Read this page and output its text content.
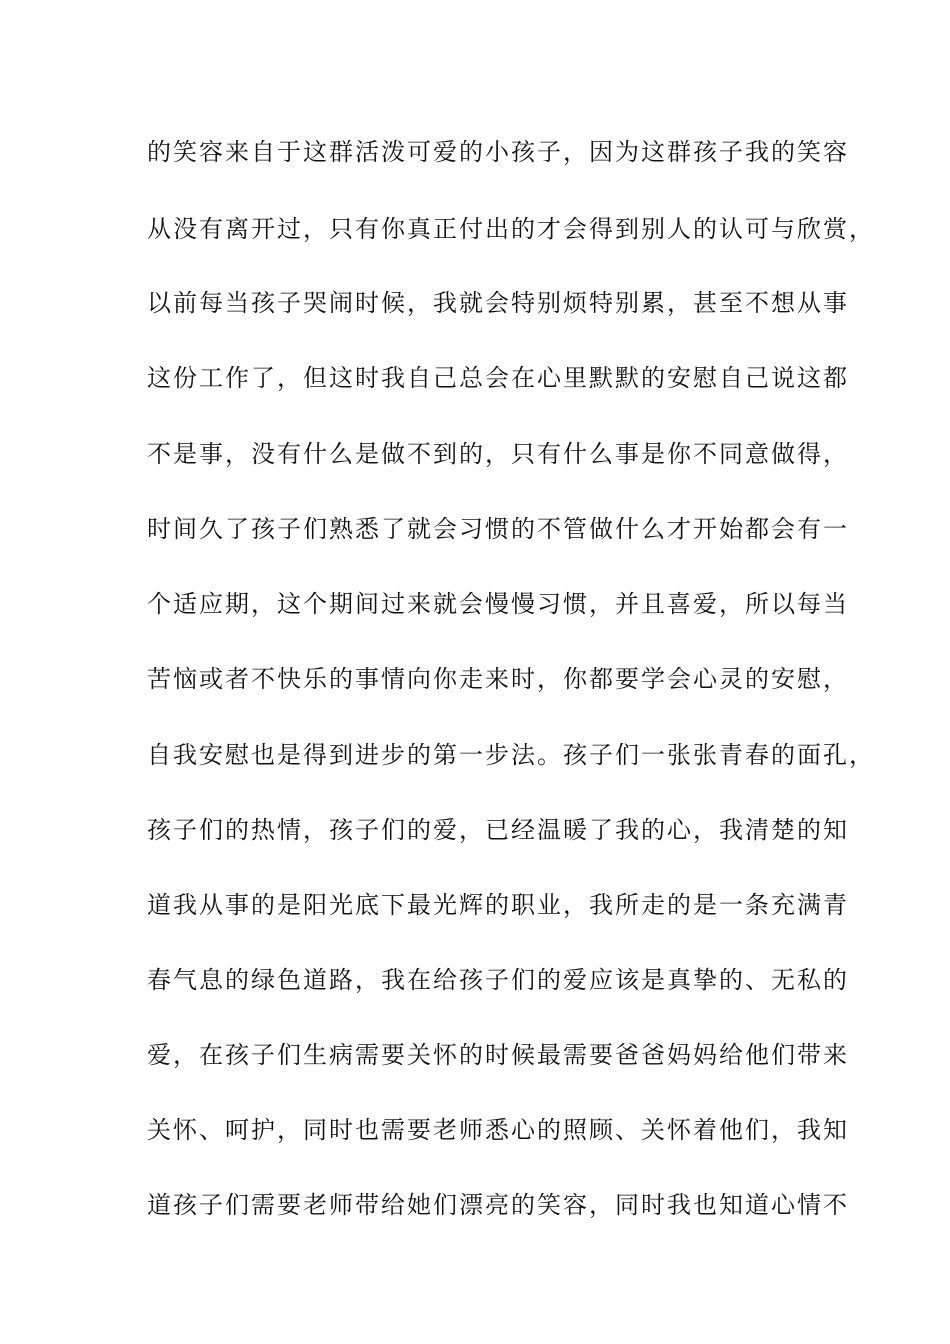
的笑容来自于这群活泼可爱的小孩子，因为这群孩子我的笑容
从没有离开过，只有你真正付出的才会得到别人的认可与欣赏，
以前每当孩子哭闹时候，我就会特别烦特别累，甚至不想从事
这份工作了，但这时我自己总会在心里默默的安慰自己说这都
不是事，没有什么是做不到的，只有什么事是你不同意做得，
时间久了孩子们熟悉了就会习惯的不管做什么才开始都会有一
个适应期，这个期间过来就会慢慢习惯，并且喜爱，所以每当
苦恼或者不快乐的事情向你走来时，你都要学会心灵的安慰，
自我安慰也是得到进步的第一步法。孩子们一张张青春的面孔，
孩子们的热情，孩子们的爱，已经温暖了我的心，我清楚的知
道我从事的是阳光底下最光辉的职业，我所走的是一条充满青
春气息的绿色道路，我在给孩子们的爱应该是真挚的、无私的
爱，在孩子们生病需要关怀的时候最需要爸爸妈妈给他们带来
关怀、呵护，同时也需要老师悉心的照顾、关怀着他们，我知
道孩子们需要老师带给她们漂亮的笑容，同时我也知道心情不
